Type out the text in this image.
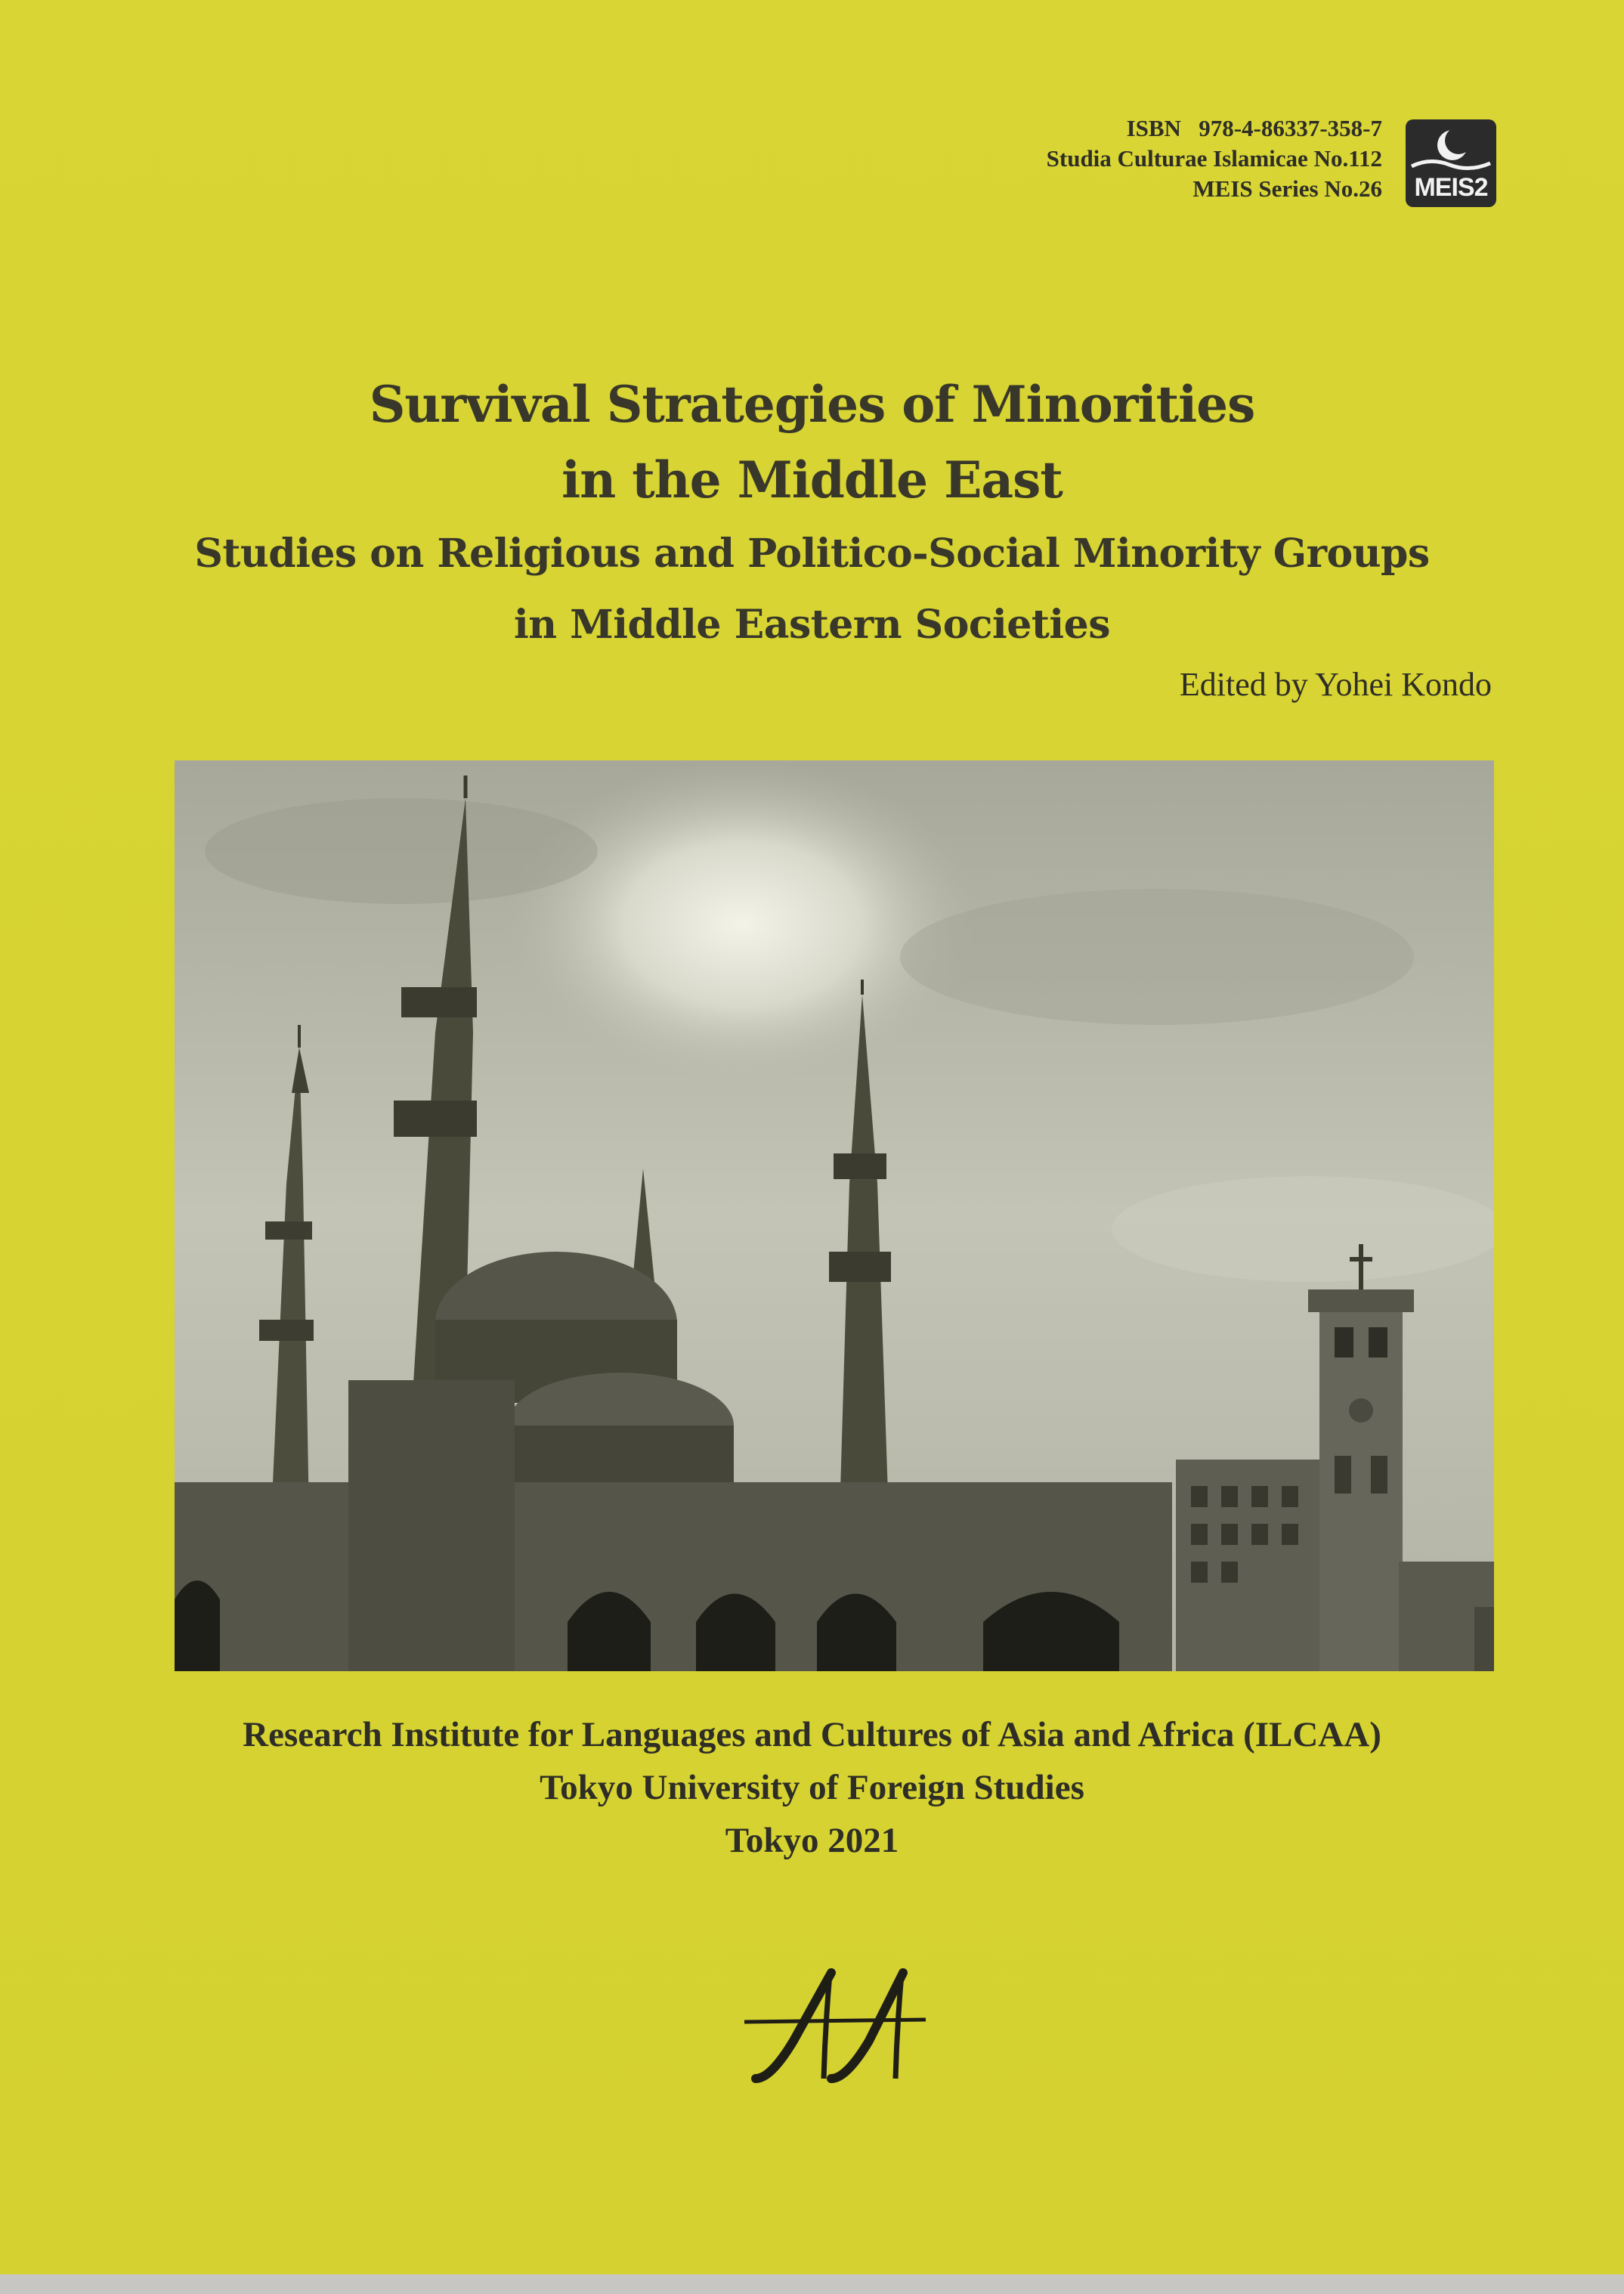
ISBN   978-4-86337-358-7
Studia Culturae Islamicae No.112
MEIS Series No.26	MEIS2
Survival Strategies of Minorities
in the Middle East
Studies on Religious and Politico-Social Minority Groups
in Middle Eastern Societies
Edited by Yohei Kondo
Research Institute for Languages and Cultures of Asia and Africa (ILCAA)
Tokyo University of Foreign Studies
Tokyo 2021
